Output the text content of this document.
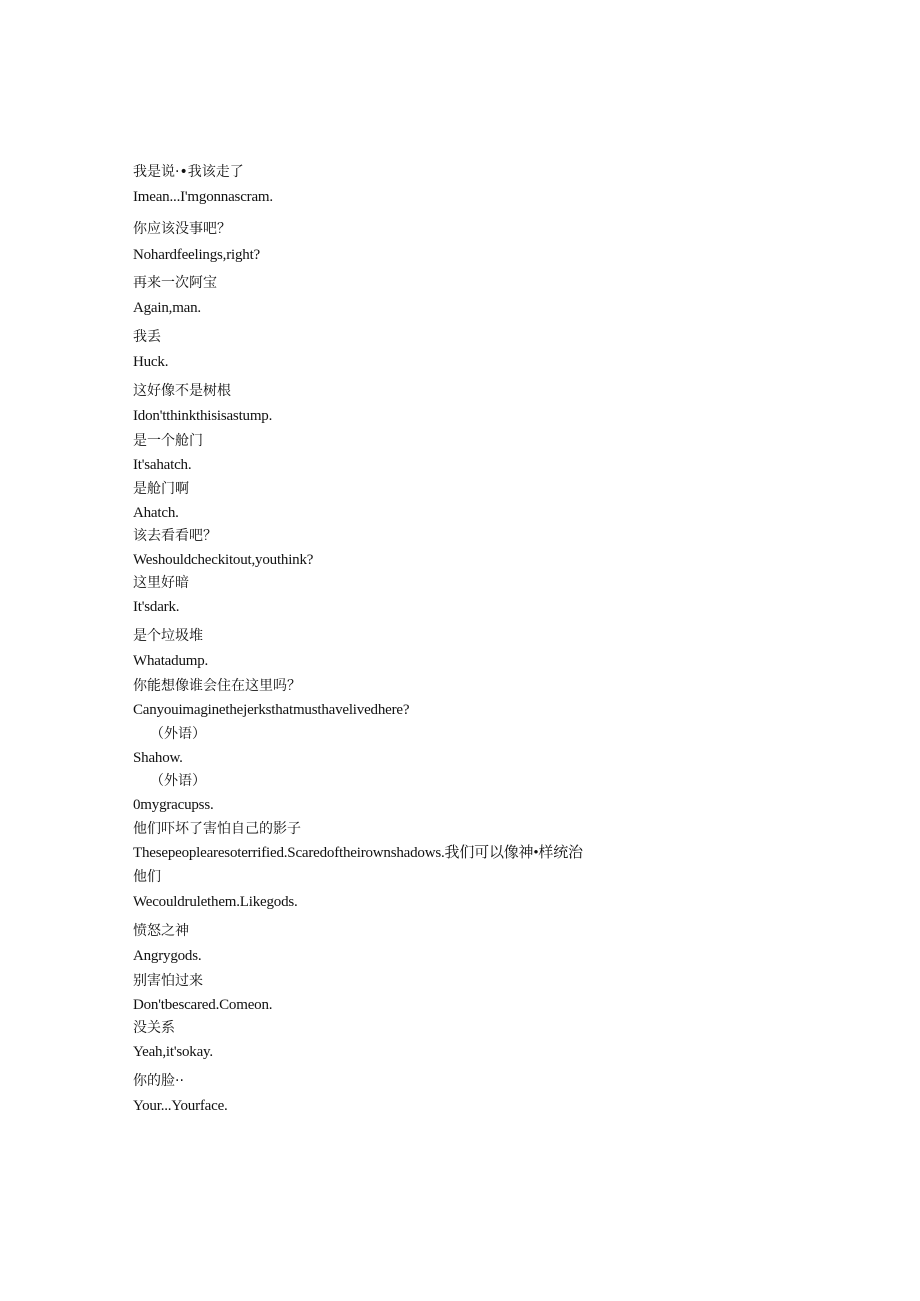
我是说·•我该走了
Imean...I'mgonnascram.
你应该没事吧？
Nohardfeelings,right?
再来一次阿宝
Again,man.
我丢
Huck.
这好像不是树根
Idon'tthinkthisisastump.
是一个舱门
It'sahatch.
是舱门啊
Ahatch.
该去看看吧？
Weshouldcheckitout,youthink?
这里好暗
It'sdark.
是个垃圾堆
Whatadump.
你能想像谁会住在这里吗？
Canyouimaginethejerksthatmusthavelivedhere?
（外语）
Shahow.
（外语）
0mygracupss.
他们吓坏了害怕自己的影子
Thesepeoplearesoterrified.Scaredoftheirownshadows.我们可以像神•样统治
他们
Wecouldrulethem.Likegods.
愤怒之神
Angrygods.
别害怕过来
Don'tbescared.Comeon.
没关系
Yeah,it'sokay.
你的脸··
Your...Yourface.
